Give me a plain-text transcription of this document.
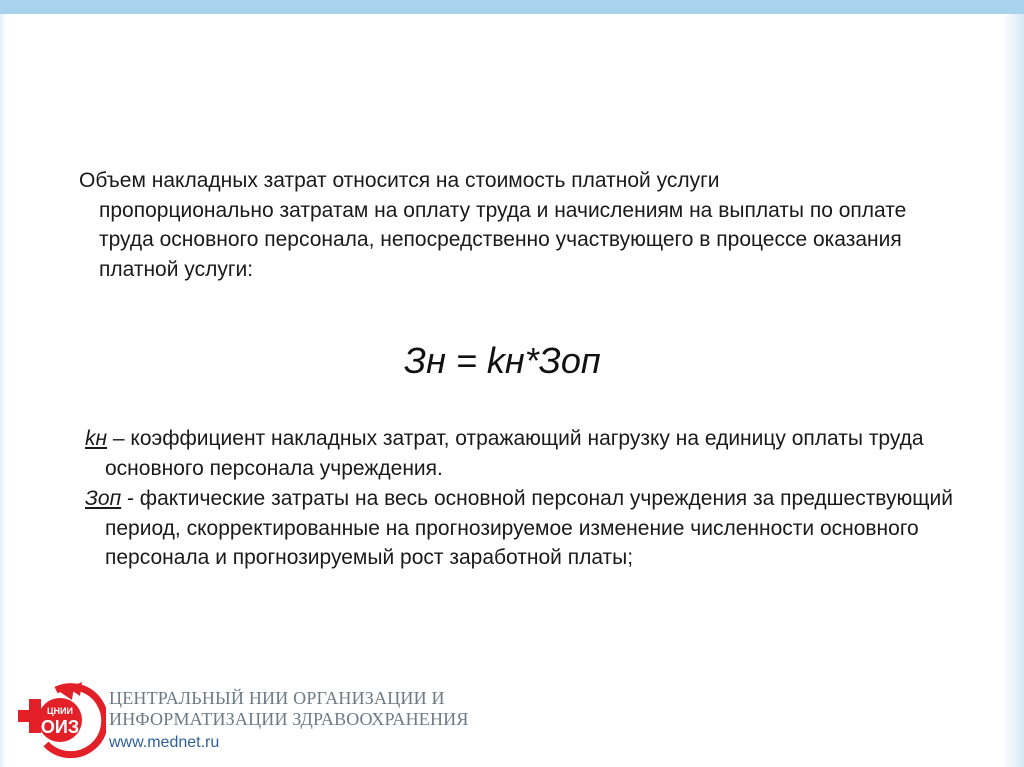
Объем накладных затрат относится на стоимость платной услуги

пропорционально затратам на оплату труда и начислениям на выплаты по оплате труда основного персонала, непосредственно участвующего в процессе оказания платной услуги:

Зн = kн*Зоп

kн – коэффициент накладных затрат, отражающий нагрузку на единицу оплаты труда основного персонала учреждения.

Зоп - фактические затраты на весь основной персонал учреждения за предшествующий период, скорректированные на прогнозируемое изменение численности основного персонала и прогнозируемый рост заработной платы;

ЦНИИ
ОИЗ
ЦЕНТРАЛЬНЫЙ НИИ ОРГАНИЗАЦИИ И
ИНФОРМАТИЗАЦИИ ЗДРАВООХРАНЕНИЯ
www.mednet.ru
